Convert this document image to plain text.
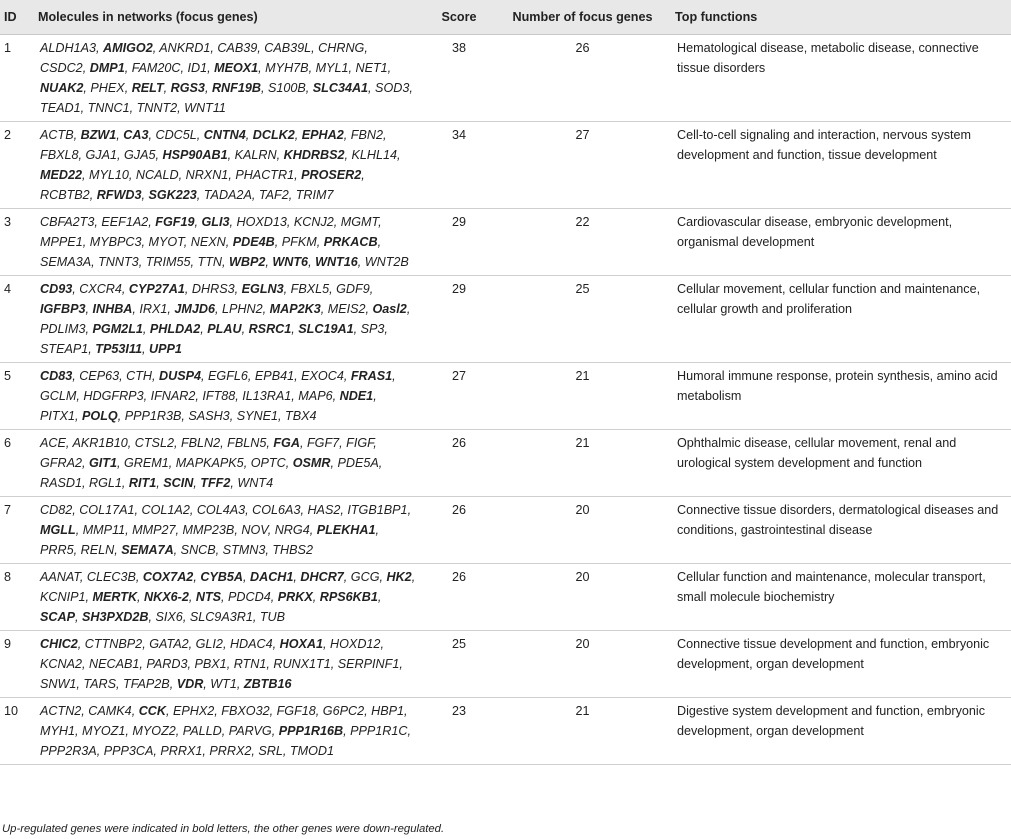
ID	Molecules in networks (focus genes)	Score	Number of focus genes	Top functions
1	ALDH1A3, AMIGO2, ANKRD1, CAB39, CAB39L, CHRNG, CSDC2, DMP1, FAM20C, ID1, MEOX1, MYH7B, MYL1, NET1, NUAK2, PHEX, RELT, RGS3, RNF19B, S100B, SLC34A1, SOD3, TEAD1, TNNC1, TNNT2, WNT11	38	26	Hematological disease, metabolic disease, connective tissue disorders
2	ACTB, BZW1, CA3, CDC5L, CNTN4, DCLK2, EPHA2, FBN2, FBXL8, GJA1, GJA5, HSP90AB1, KALRN, KHDRBS2, KLHL14, MED22, MYL10, NCALD, NRXN1, PHACTR1, PROSER2, RCBTB2, RFWD3, SGK223, TADA2A, TAF2, TRIM7	34	27	Cell-to-cell signaling and interaction, nervous system development and function, tissue development
3	CBFA2T3, EEF1A2, FGF19, GLI3, HOXD13, KCNJ2, MGMT, MPPE1, MYBPC3, MYOT, NEXN, PDE4B, PFKM, PRKACB, SEMA3A, TNNT3, TRIM55, TTN, WBP2, WNT6, WNT16, WNT2B	29	22	Cardiovascular disease, embryonic development, organismal development
4	CD93, CXCR4, CYP27A1, DHRS3, EGLN3, FBXL5, GDF9, IGFBP3, INHBA, IRX1, JMJD6, LPHN2, MAP2K3, MEIS2, Oasl2, PDLIM3, PGM2L1, PHLDA2, PLAU, RSRC1, SLC19A1, SP3, STEAP1, TP53I11, UPP1	29	25	Cellular movement, cellular function and maintenance, cellular growth and proliferation
5	CD83, CEP63, CTH, DUSP4, EGFL6, EPB41, EXOC4, FRAS1, GCLM, HDGFRP3, IFNAR2, IFT88, IL13RA1, MAP6, NDE1, PITX1, POLQ, PPP1R3B, SASH3, SYNE1, TBX4	27	21	Humoral immune response, protein synthesis, amino acid metabolism
6	ACE, AKR1B10, CTSL2, FBLN2, FBLN5, FGA, FGF7, FIGF, GFRA2, GIT1, GREM1, MAPKAPK5, OPTC, OSMR, PDE5A, RASD1, RGL1, RIT1, SCIN, TFF2, WNT4	26	21	Ophthalmic disease, cellular movement, renal and urological system development and function
7	CD82, COL17A1, COL1A2, COL4A3, COL6A3, HAS2, ITGB1BP1, MGLL, MMP11, MMP27, MMP23B, NOV, NRG4, PLEKHA1, PRR5, RELN, SEMA7A, SNCB, STMN3, THBS2	26	20	Connective tissue disorders, dermatological diseases and conditions, gastrointestinal disease
8	AANAT, CLEC3B, COX7A2, CYB5A, DACH1, DHCR7, GCG, HK2, KCNIP1, MERTK, NKX6-2, NTS, PDCD4, PRKX, RPS6KB1, SCAP, SH3PXD2B, SIX6, SLC9A3R1, TUB	26	20	Cellular function and maintenance, molecular transport, small molecule biochemistry
9	CHIC2, CTTNBP2, GATA2, GLI2, HDAC4, HOXA1, HOXD12, KCNA2, NECAB1, PARD3, PBX1, RTN1, RUNX1T1, SERPINF1, SNW1, TARS, TFAP2B, VDR, WT1, ZBTB16	25	20	Connective tissue development and function, embryonic development, organ development
10	ACTN2, CAMK4, CCK, EPHX2, FBXO32, FGF18, G6PC2, HBP1, MYH1, MYOZ1, MYOZ2, PALLD, PARVG, PPP1R16B, PPP1R1C, PPP2R3A, PPP3CA, PRRX1, PRRX2, SRL, TMOD1	23	21	Digestive system development and function, embryonic development, organ development
Up-regulated genes were indicated in bold letters, the other genes were down-regulated.
